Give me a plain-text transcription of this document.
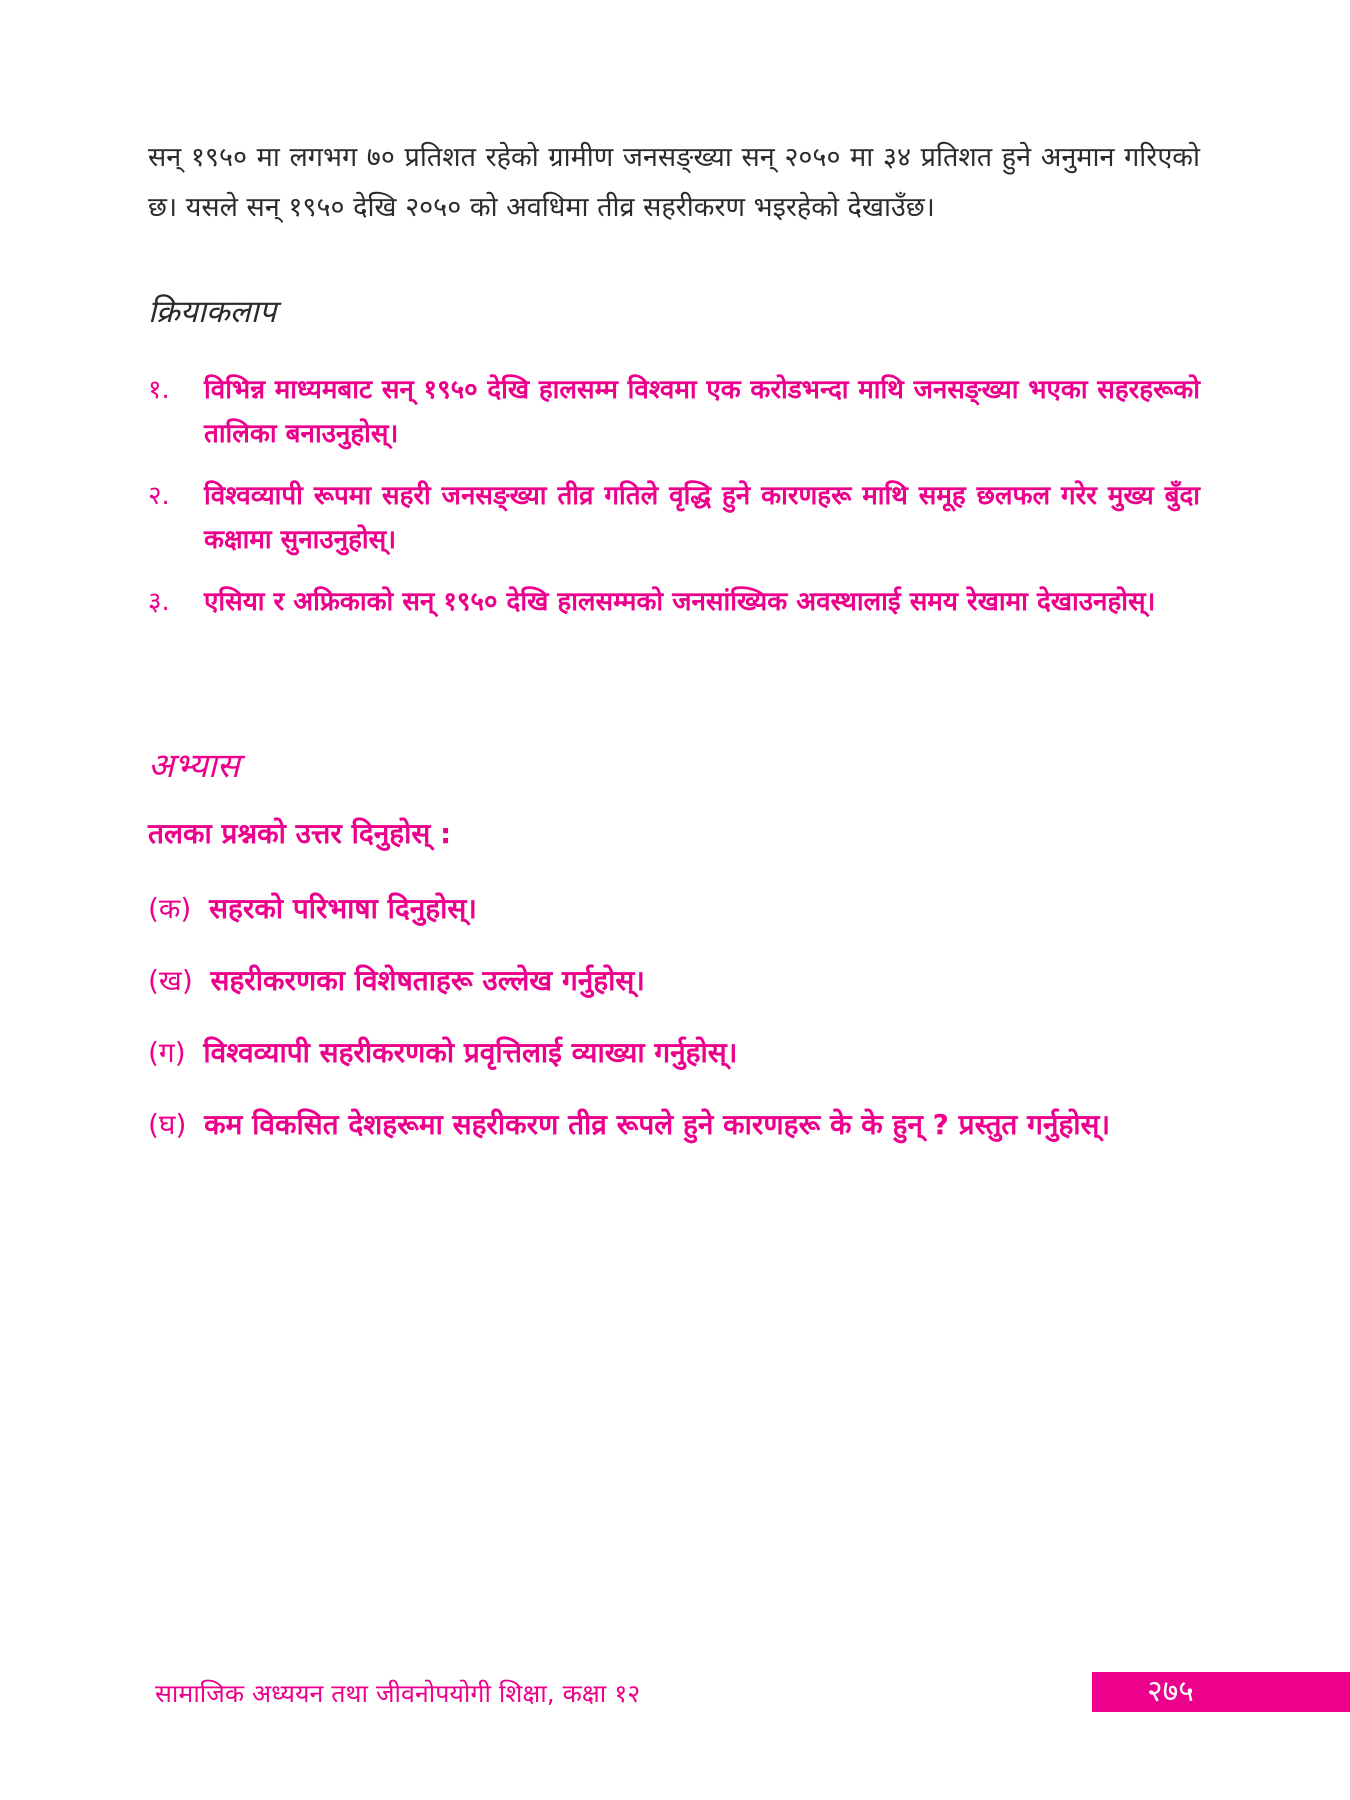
सन् १९५० मा लगभग ७० प्रतिशत रहेको ग्रामीण जनसङ्ख्या सन् २०५० मा ३४ प्रतिशत हुने अनुमान गरिएको छ। यसले सन् १९५० देखि २०५० को अवधिमा तीव्र सहरीकरण भइरहेको देखाउँछ।

क्रियाकलाप
१.	विभिन्न माध्यमबाट सन् १९५० देखि हालसम्म विश्वमा एक करोडभन्दा माथि जनसङ्ख्या भएका सहरहरूको तालिका बनाउनुहोस्।
२.	विश्वव्यापी रूपमा सहरी जनसङ्ख्या तीव्र गतिले वृद्धि हुने कारणहरू माथि समूह छलफल गरेर मुख्य बुँदा कक्षामा सुनाउनुहोस्।
३.	एसिया र अफ्रिकाको सन् १९५० देखि हालसम्मको जनसांख्यिक अवस्थालाई समय रेखामा देखाउनहोस्।
अभ्यास
तलका प्रश्नको उत्तर दिनुहोस् :
(क) सहरको परिभाषा दिनुहोस्।
(ख) सहरीकरणका विशेषताहरू उल्लेख गर्नुहोस्।
(ग) विश्वव्यापी सहरीकरणको प्रवृत्तिलाई व्याख्या गर्नुहोस्।
(घ) कम विकसित देशहरूमा सहरीकरण तीव्र रूपले हुने कारणहरू के के हुन् ? प्रस्तुत गर्नुहोस्।
सामाजिक अध्ययन तथा जीवनोपयोगी शिक्षा, कक्षा १२	२७५
